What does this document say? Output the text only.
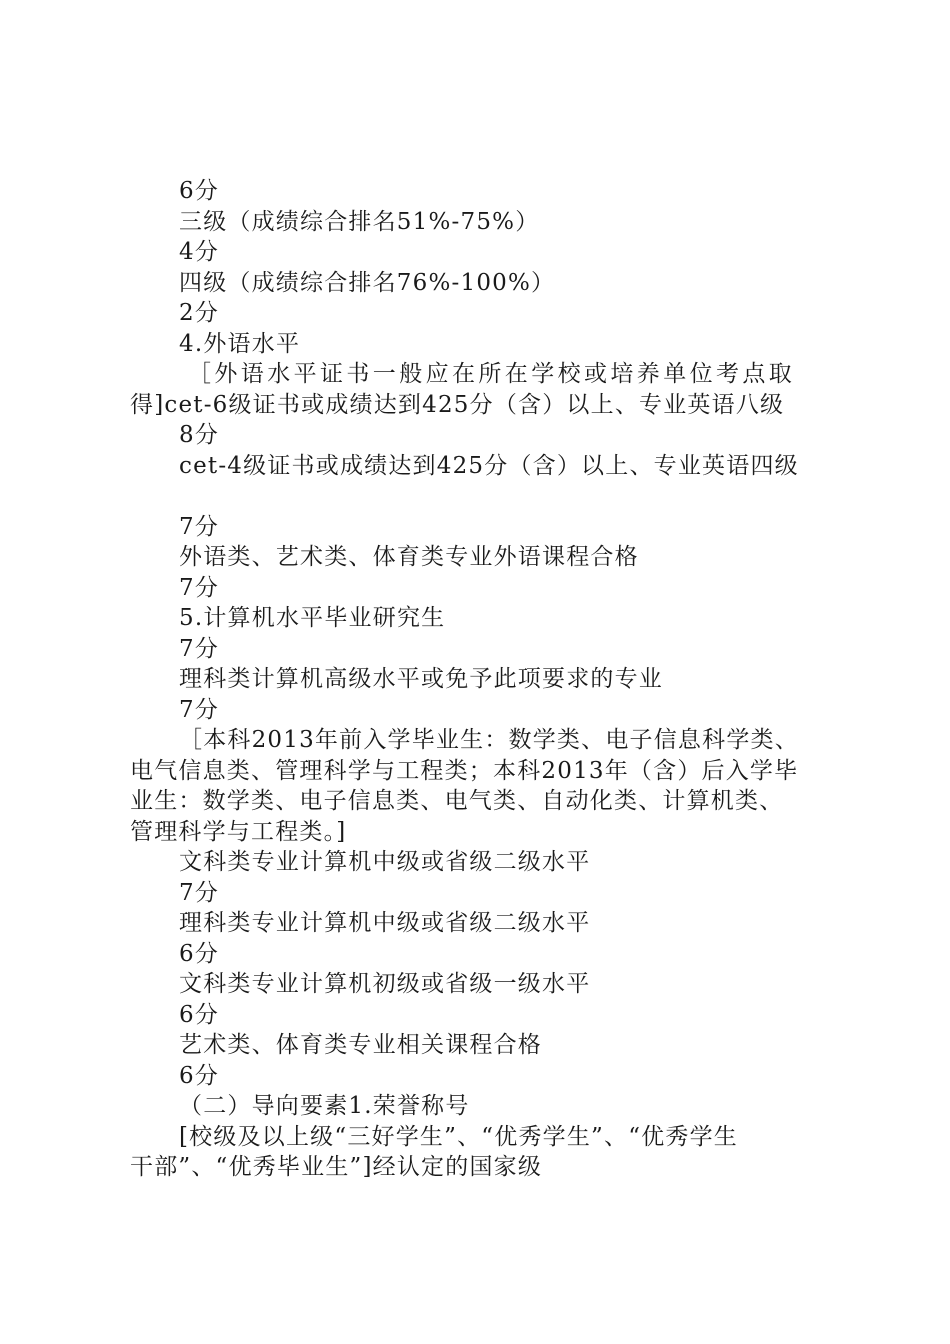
6分
三级（成绩综合排名51%-75%）
4分
四级（成绩综合排名76%-100%）
2分
4.外语水平
［外语水平证书一般应在所在学校或培养单位考点取
得]cet-6级证书或成绩达到425分（含）以上、专业英语八级
8分
cet-4级证书或成绩达到425分（含）以上、专业英语四级
7分
外语类、艺术类、体育类专业外语课程合格
7分
5.计算机水平毕业研究生
7分
理科类计算机高级水平或免予此项要求的专业
7分
［本科2013年前入学毕业生：数学类、电子信息科学类、
电气信息类、管理科学与工程类；本科2013年（含）后入学毕
业生：数学类、电子信息类、电气类、自动化类、计算机类、
管理科学与工程类。]
文科类专业计算机中级或省级二级水平
7分
理科类专业计算机中级或省级二级水平
6分
文科类专业计算机初级或省级一级水平
6分
艺术类、体育类专业相关课程合格
6分
（二）导向要素1.荣誉称号
[校级及以上级“三好学生”、“优秀学生”、“优秀学生
干部”、“优秀毕业生”]经认定的国家级
